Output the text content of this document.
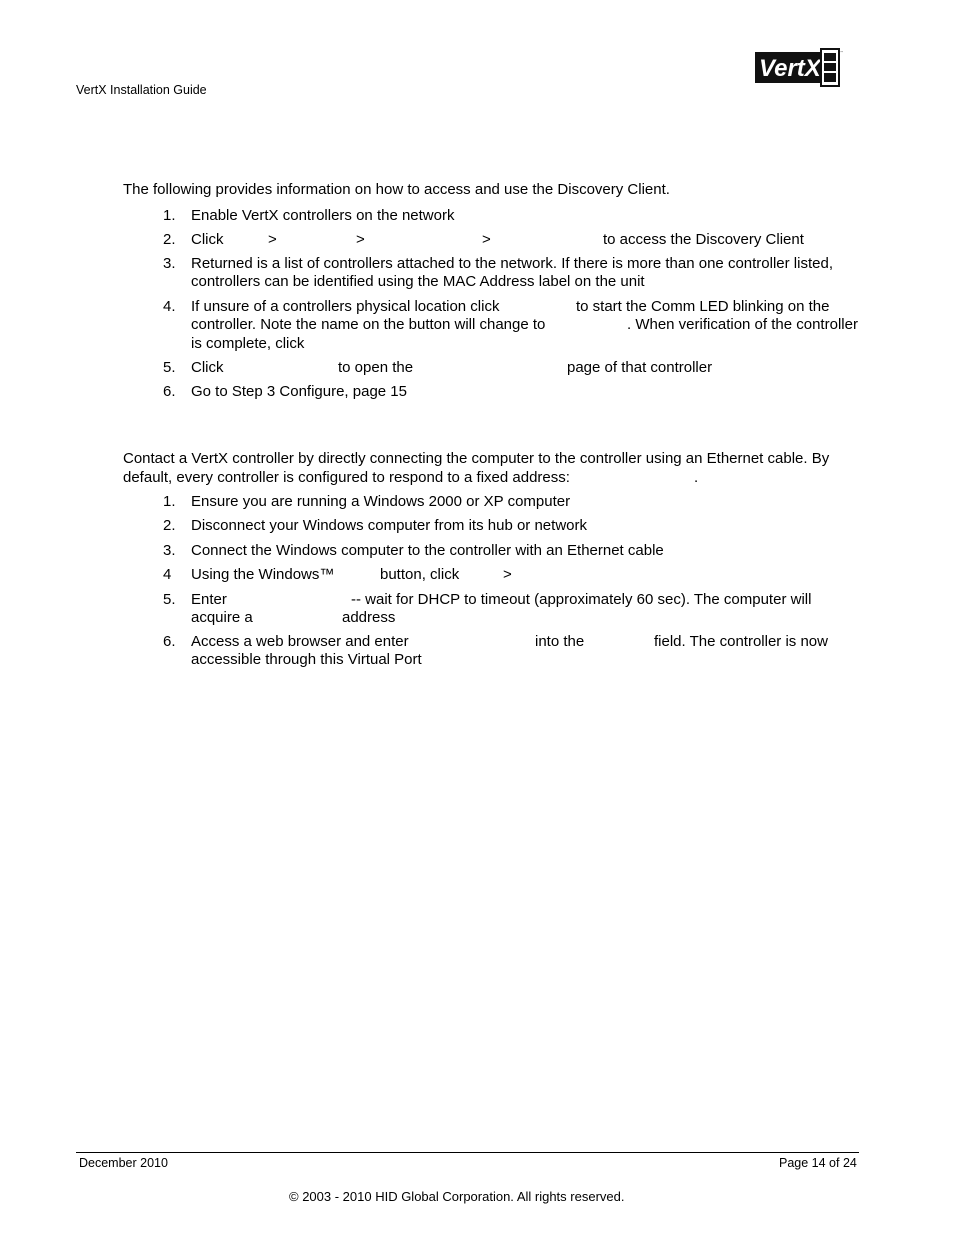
VertX Installation Guide
VertX
™
The following provides information on how to access and use the Discovery Client.
1. Enable VertX controllers on the network
2. Click	>	>	>	to access the Discovery Client
3. Returned is a list of controllers attached to the network. If there is more than one controller listed,
controllers can be identified using the MAC Address label on the unit
4. If unsure of a controllers physical location click	to start the Comm LED blinking on the
controller. Note the name on the button will change to	. When verification of the controller
is complete, click
5. Click	to open the	page of that controller
6. Go to Step 3 Configure, page 15
Contact a VertX controller by directly connecting the computer to the controller using an Ethernet cable. By
default, every controller is configured to respond to a fixed address:	.
1. Ensure you are running a Windows 2000 or XP computer
2. Disconnect your Windows computer from its hub or network
3. Connect the Windows computer to the controller with an Ethernet cable
4 Using the Windows™	button, click	>
5. Enter	-- wait for DHCP to timeout (approximately 60 sec). The computer will
acquire a	address
6. Access a web browser and enter	into the	field. The controller is now
accessible through this Virtual Port
December 2010	Page 14 of 24
© 2003 - 2010 HID Global Corporation. All rights reserved.
